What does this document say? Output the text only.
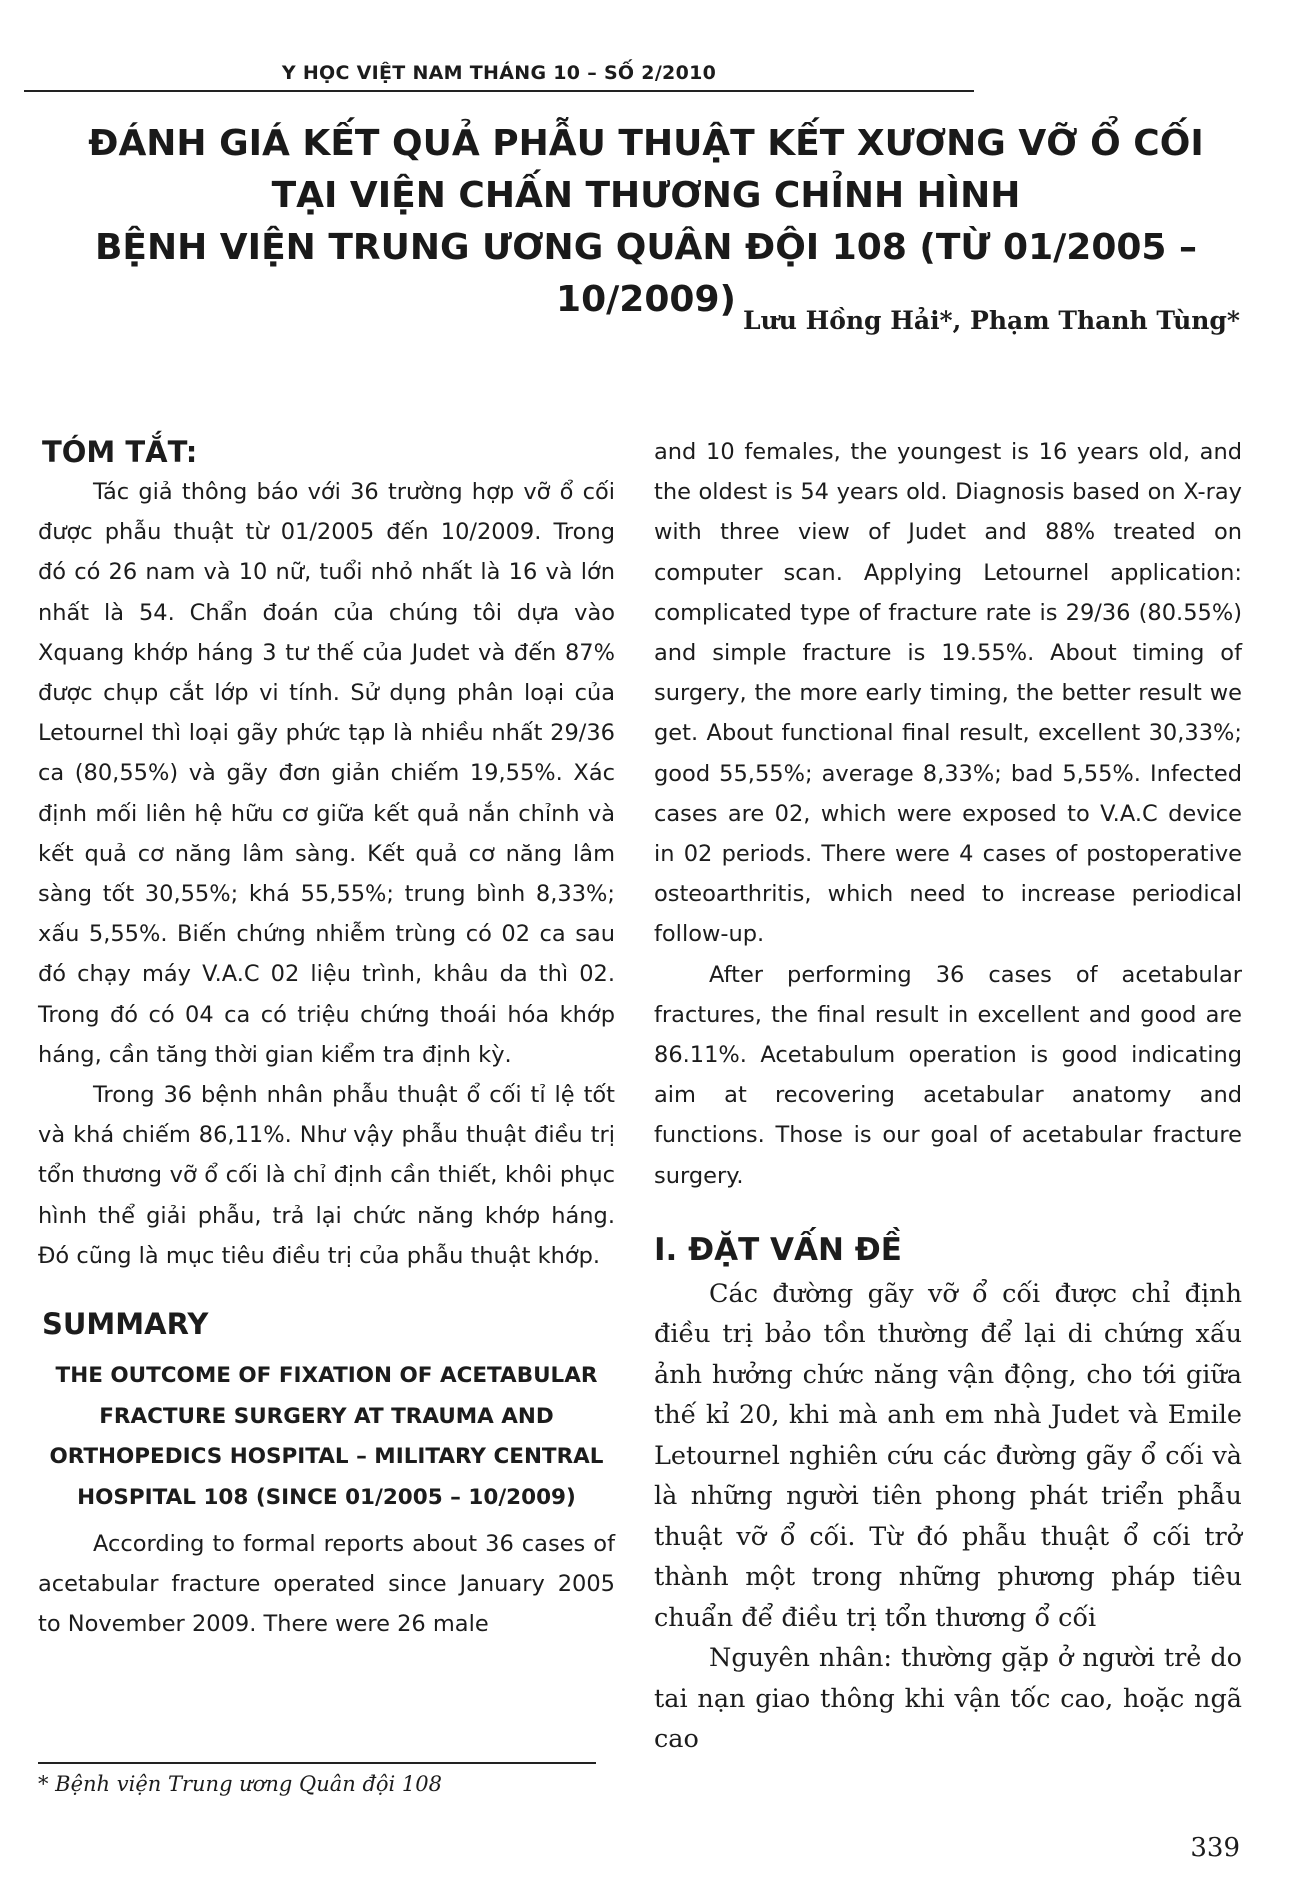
Y HỌC VIỆT NAM THÁNG 10 – SỐ 2/2010
ĐÁNH GIÁ KẾT QUẢ PHẪU THUẬT KẾT XƯƠNG VỠ Ổ CỐI
TẠI VIỆN CHẤN THƯƠNG CHỈNH HÌNH
BỆNH VIỆN TRUNG ƯƠNG QUÂN ĐỘI 108 (TỪ 01/2005 – 10/2009)
Lưu Hồng Hải*, Phạm Thanh Tùng*
TÓM TẮT:

Tác giả thông báo với 36 trường hợp vỡ ổ cối được phẫu thuật từ 01/2005 đến 10/2009. Trong đó có 26 nam và 10 nữ, tuổi nhỏ nhất là 16 và lớn nhất là 54. Chẩn đoán của chúng tôi dựa vào Xquang khớp háng 3 tư thế của Judet và đến 87% được chụp cắt lớp vi tính. Sử dụng phân loại của Letournel thì loại gãy phức tạp là nhiều nhất 29/36 ca (80,55%) và gãy đơn giản chiếm 19,55%. Xác định mối liên hệ hữu cơ giữa kết quả nắn chỉnh và kết quả cơ năng lâm sàng. Kết quả cơ năng lâm sàng tốt 30,55%; khá 55,55%; trung bình 8,33%; xấu 5,55%. Biến chứng nhiễm trùng có 02 ca sau đó chạy máy V.A.C 02 liệu trình, khâu da thì 02. Trong đó có 04 ca có triệu chứng thoái hóa khớp háng, cần tăng thời gian kiểm tra định kỳ.

Trong 36 bệnh nhân phẫu thuật ổ cối tỉ lệ tốt và khá chiếm 86,11%. Như vậy phẫu thuật điều trị tổn thương vỡ ổ cối là chỉ định cần thiết, khôi phục hình thể giải phẫu, trả lại chức năng khớp háng. Đó cũng là mục tiêu điều trị của phẫu thuật khớp.

SUMMARY
THE OUTCOME OF FIXATION OF ACETABULAR FRACTURE SURGERY AT TRAUMA AND ORTHOPEDICS HOSPITAL – MILITARY CENTRAL HOSPITAL 108 (SINCE 01/2005 – 10/2009)

According to formal reports about 36 cases of acetabular fracture operated since January 2005 to November 2009. There were 26 male

and 10 females, the youngest is 16 years old, and the oldest is 54 years old. Diagnosis based on X-ray with three view of Judet and 88% treated on computer scan. Applying Letournel application: complicated type of fracture rate is 29/36 (80.55%) and simple fracture is 19.55%. About timing of surgery, the more early timing, the better result we get. About functional final result, excellent 30,33%; good 55,55%; average 8,33%; bad 5,55%. Infected cases are 02, which were exposed to V.A.C device in 02 periods. There were 4 cases of postoperative osteoarthritis, which need to increase periodical follow-up.

After performing 36 cases of acetabular fractures, the final result in excellent and good are 86.11%. Acetabulum operation is good indicating aim at recovering acetabular anatomy and functions. Those is our goal of acetabular fracture surgery.

I. ĐẶT VẤN ĐỀ

Các đường gãy vỡ ổ cối được chỉ định điều trị bảo tồn thường để lại di chứng xấu ảnh hưởng chức năng vận động, cho tới giữa thế kỉ 20, khi mà anh em nhà Judet và Emile Letournel nghiên cứu các đường gãy ổ cối và là những người tiên phong phát triển phẫu thuật vỡ ổ cối. Từ đó phẫu thuật ổ cối trở thành một trong những phương pháp tiêu chuẩn để điều trị tổn thương ổ cối

Nguyên nhân: thường gặp ở người trẻ do tai nạn giao thông khi vận tốc cao, hoặc ngã cao

* Bệnh viện Trung ương Quân đội 108
339
